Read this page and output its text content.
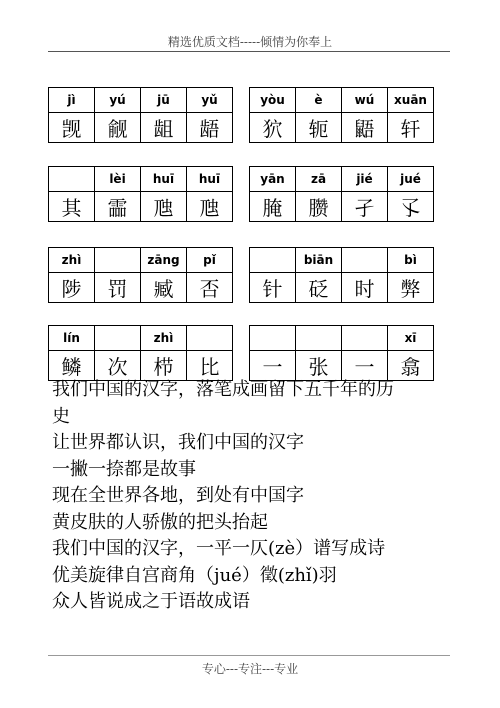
精选优质文档-----倾情为你奉上
jì	yú	jū	yǔ
觊	觎	龃	龉
yòu	è	wú	xuān
狖	轭	鼯	轩
	lèi	huī	huī
其	霝	虺	虺
yān	zā	jié	jué
腌	臜	孑	孓
zhì		zāng	pǐ
陟	罚	臧	否
	biān		bì
针	砭	时	弊
lín		zhì	
鳞	次	栉	比
			xī
一	张	一	翕
我们中国的汉字，落笔成画留下五千年的历
史
让世界都认识，我们中国的汉字
一撇一捺都是故事
现在全世界各地，到处有中国字
黄皮肤的人骄傲的把头抬起
我们中国的汉字，一平一仄(zè）谱写成诗
优美旋律自宫商角（jué）徵(zhǐ)羽
众人皆说成之于语故成语
专心---专注---专业
